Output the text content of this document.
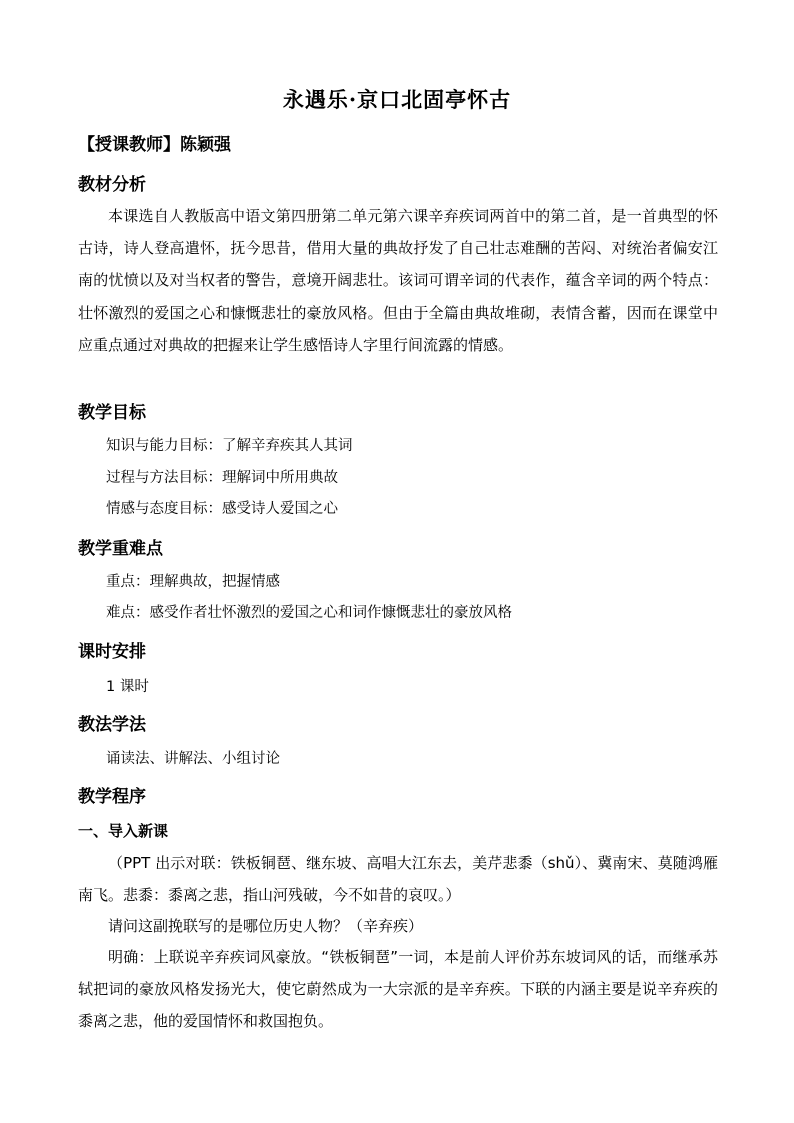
永遇乐·京口北固亭怀古
【授课教师】陈颖强
教材分析
本课选自人教版高中语文第四册第二单元第六课辛弃疾词两首中的第二首，是一首典型的怀古诗，诗人登高遣怀，抚今思昔，借用大量的典故抒发了自己壮志难酬的苦闷、对统治者偏安江南的忧愤以及对当权者的警告，意境开阔悲壮。该词可谓辛词的代表作，蕴含辛词的两个特点：壮怀激烈的爱国之心和慷慨悲壮的豪放风格。但由于全篇由典故堆砌，表情含蓄，因而在课堂中应重点通过对典故的把握来让学生感悟诗人字里行间流露的情感。
教学目标
知识与能力目标：了解辛弃疾其人其词
过程与方法目标：理解词中所用典故
情感与态度目标：感受诗人爱国之心
教学重难点
重点：理解典故，把握情感
难点：感受作者壮怀激烈的爱国之心和词作慷慨悲壮的豪放风格
课时安排
1 课时
教法学法
诵读法、讲解法、小组讨论
教学程序
一、导入新课
（PPT 出示对联：铁板铜琶、继东坡、高唱大江东去，美芹悲黍（shǔ）、冀南宋、莫随鸿雁南飞。悲黍：黍离之悲，指山河残破，今不如昔的哀叹。）
请问这副挽联写的是哪位历史人物？（辛弃疾）
明确：上联说辛弃疾词风豪放。“铁板铜琶”一词，本是前人评价苏东坡词风的话，而继承苏轼把词的豪放风格发扬光大，使它蔚然成为一大宗派的是辛弃疾。下联的内涵主要是说辛弃疾的黍离之悲，他的爱国情怀和救国抱负。
